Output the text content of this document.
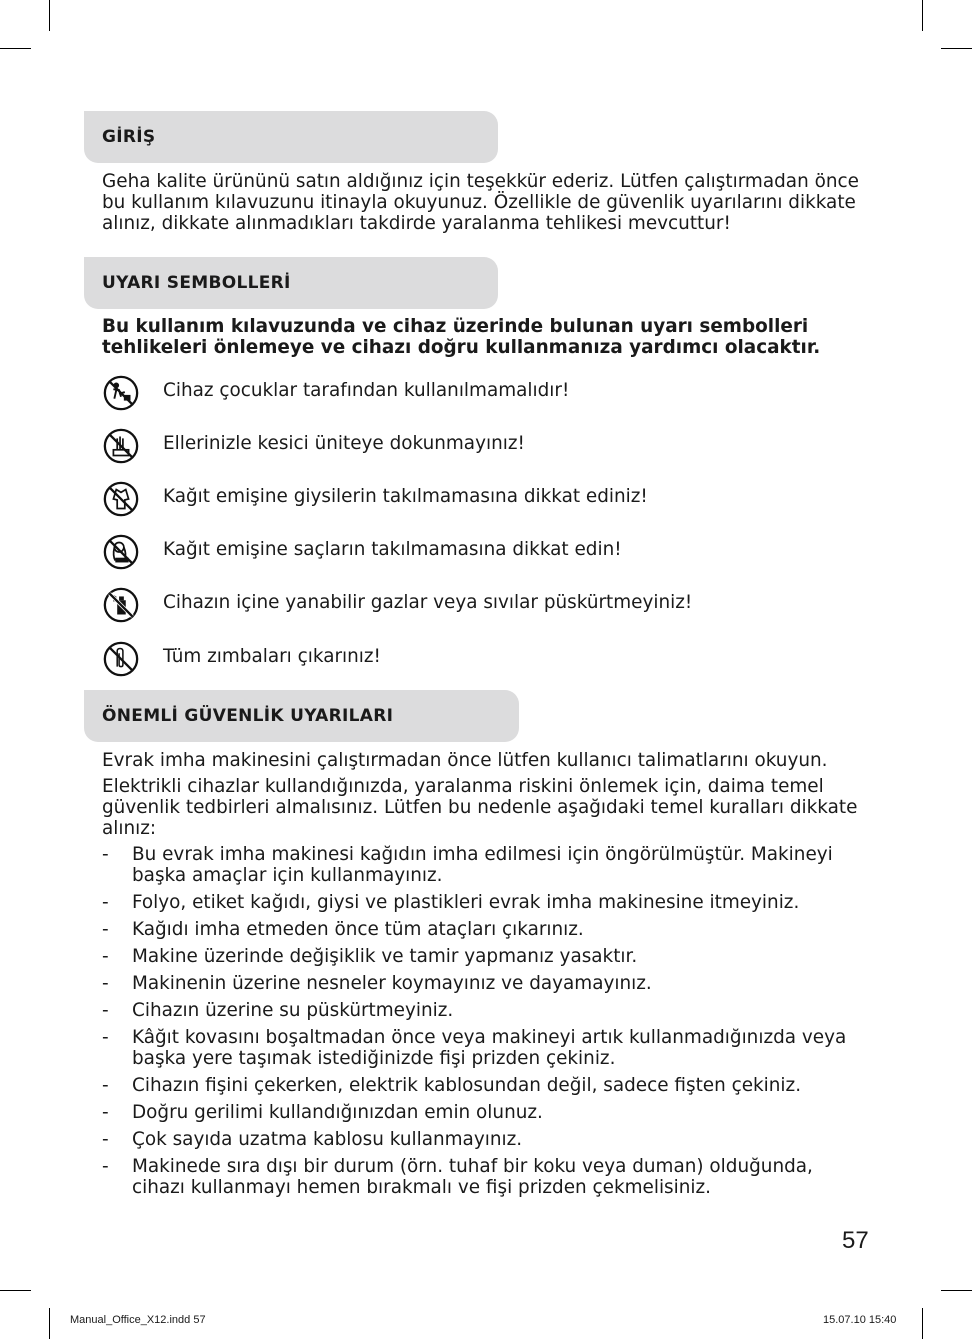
GİRİŞ

Geha kalite ürününü satın aldığınız için teşekkür ederiz. Lütfen çalıştırmadan önce bu kullanım kılavuzunu itinayla okuyunuz. Özellikle de güvenlik uyarılarını dikkate alınız, dikkate alınmadıkları takdirde yaralanma tehlikesi mevcuttur!

UYARI SEMBOLLERİ

Bu kullanım kılavuzunda ve cihaz üzerinde bulunan uyarı sembolleri tehlikeleri önlemeye ve cihazı doğru kullanmanıza yardımcı olacaktır.

Cihaz çocuklar tarafından kullanılmamalıdır!
Ellerinizle kesici üniteye dokunmayınız!
Kağıt emişine giysilerin takılmamasına dikkat ediniz!
Kağıt emişine saçların takılmamasına dikkat edin!
Cihazın içine yanabilir gazlar veya sıvılar püskürtmeyiniz!
Tüm zımbaları çıkarınız!
ÖNEMLİ GÜVENLİK UYARILARI

Evrak imha makinesini çalıştırmadan önce lütfen kullanıcı talimatlarını okuyun.

Elektrikli cihazlar kullandığınızda, yaralanma riskini önlemek için, daima temel güvenlik tedbirleri almalısınız. Lütfen bu nedenle aşağıdaki temel kuralları dikkate alınız:

- Bu evrak imha makinesi kağıdın imha edilmesi için öngörülmüştür. Makineyi başka amaçlar için kullanmayınız.
- Folyo, etiket kağıdı, giysi ve plastikleri evrak imha makinesine itmeyiniz.
- Kağıdı imha etmeden önce tüm ataçları çıkarınız.
- Makine üzerinde değişiklik ve tamir yapmanız yasaktır.
- Makinenin üzerine nesneler koymayınız ve dayamayınız.
- Cihazın üzerine su püskürtmeyiniz.
- Kâğıt kovasını boşaltmadan önce veya makineyi artık kullanmadığınızda veya başka yere taşımak istediğinizde fişi prizden çekiniz.
- Cihazın fişini çekerken, elektrik kablosundan değil, sadece fişten çekiniz.
- Doğru gerilimi kullandığınızdan emin olunuz.
- Çok sayıda uzatma kablosu kullanmayınız.
- Makinede sıra dışı bir durum (örn. tuhaf bir koku veya duman) olduğunda, cihazı kullanmayı hemen bırakmalı ve fişi prizden çekmelisiniz.
57
Manual_Office_X12.indd 57	15.07.10 15:40
